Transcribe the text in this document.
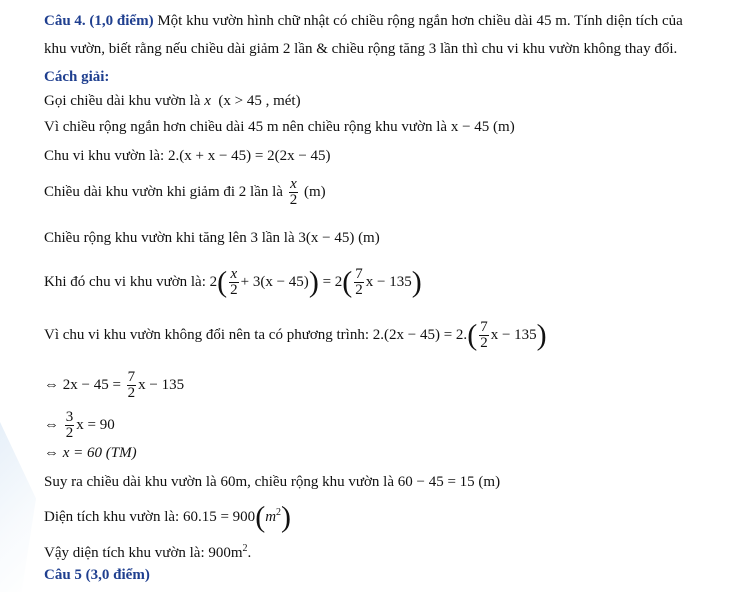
Câu 4. (1,0 điểm) Một khu vườn hình chữ nhật có chiều rộng ngắn hơn chiều dài 45 m. Tính diện tích của
khu vườn, biết rằng nếu chiều dài giảm 2 lần & chiều rộng tăng 3 lần thì chu vi khu vườn không thay đổi.
Cách giải:
Gọi chiều dài khu vườn là x (x > 45 , mét)
Vì chiều rộng ngắn hơn chiều dài 45 m nên chiều rộng khu vườn là x − 45 (m)
Chu vi khu vườn là: 2.(x + x − 45) = 2(2x − 45)
Chiều dài khu vườn khi giảm đi 2 lần là $\frac{x}{2} (m)$
Chiều rộng khu vườn khi tăng lên 3 lần là 3(x − 45) (m)
Khi đó chu vi khu vườn là: $2( \frac{x}{2} + 3(x - 45)) = 2( \frac{7}{2}$ x − 135)
Vì chu vi khu vườn không đổi nên ta có phương trình: $2.(2x - 45) = 2.( \frac{7}{2}$ x − 135)
⇔ $2x - 45 = \frac{7}{2}$ x − 135
⇔ $\frac{3}{2}$ x = 90
⇔ x = 60 (TM)
Suy ra chiều dài khu vườn là 60m, chiều rộng khu vườn là 60 − 45 = 15 (m)
Diện tích khu vườn là: $60.15 = 900(m^2)$
Vậy diện tích khu vườn là: $900m^2$.
Câu 5 (3,0 điểm)
